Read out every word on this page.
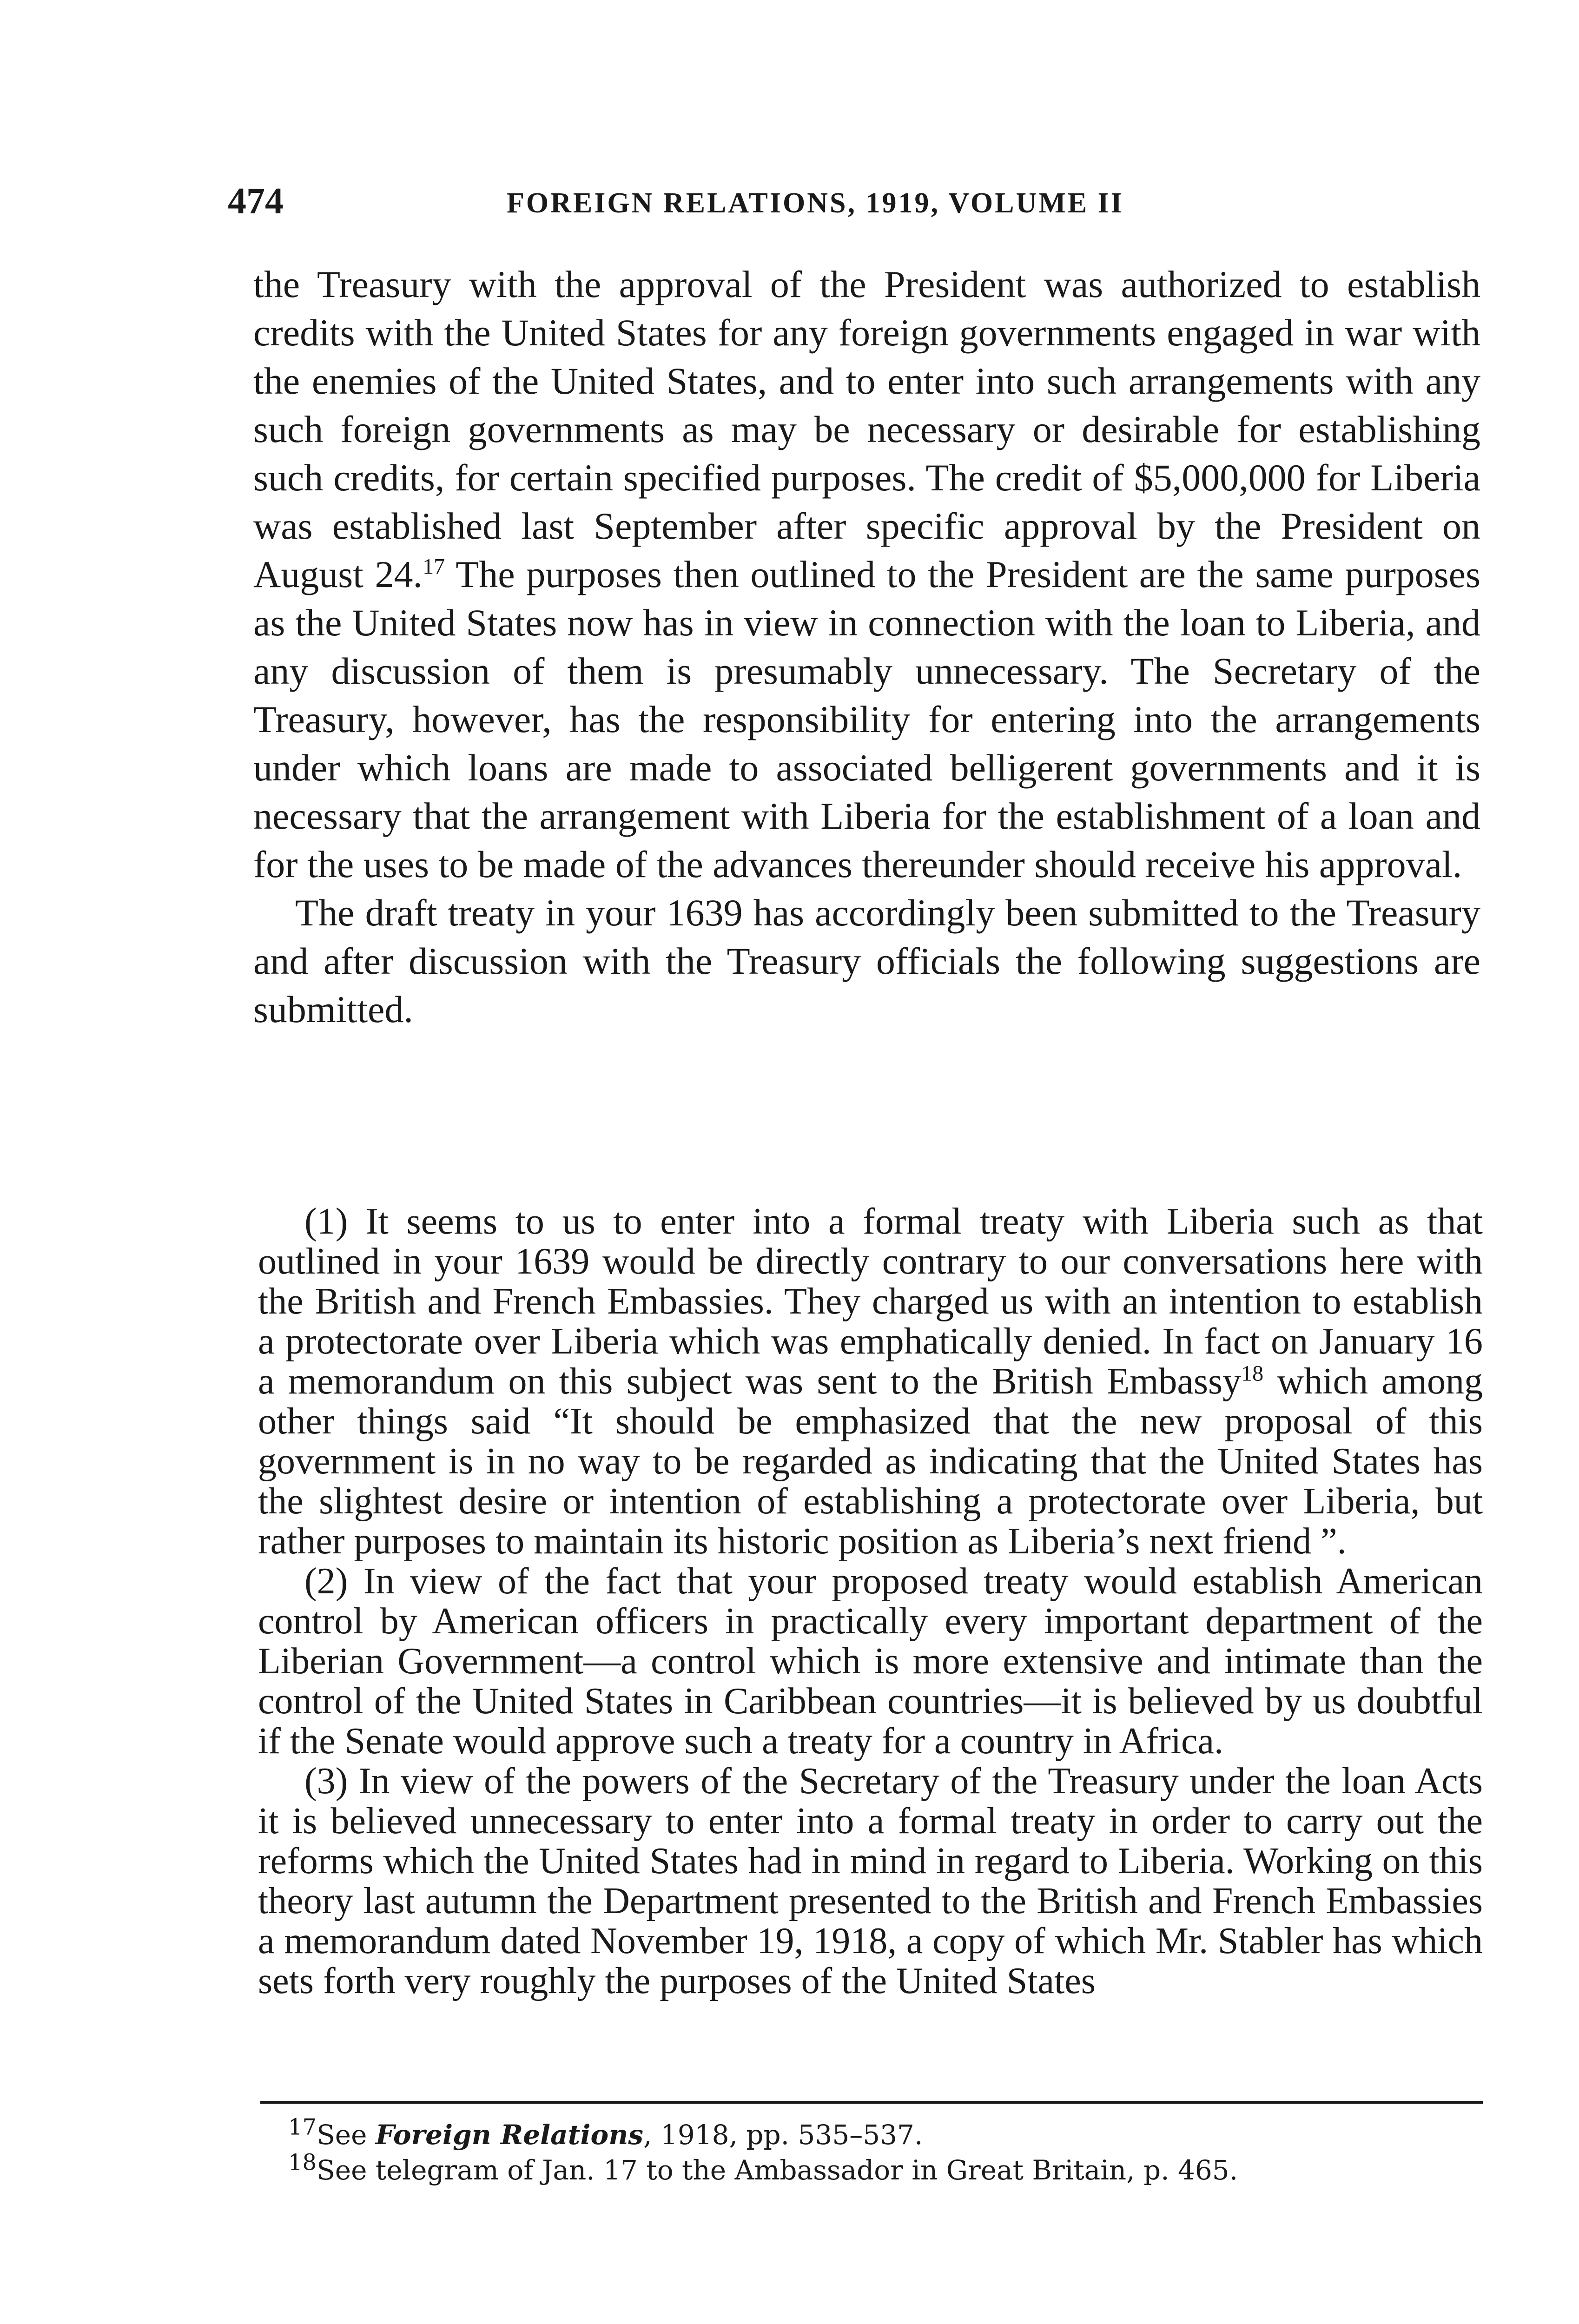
474	FOREIGN RELATIONS, 1919, VOLUME II

the Treasury with the approval of the President was authorized to establish credits with the United States for any foreign governments engaged in war with the enemies of the United States, and to enter into such arrangements with any such foreign governments as may be necessary or desirable for establishing such credits, for certain specified purposes. The credit of $5,000,000 for Liberia was established last September after specific approval by the President on August 24.17 The purposes then outlined to the President are the same purposes as the United States now has in view in connection with the loan to Liberia, and any discussion of them is presumably unnecessary. The Secretary of the Treasury, however, has the responsibility for entering into the arrangements under which loans are made to associated belligerent governments and it is necessary that the arrangement with Liberia for the establishment of a loan and for the uses to be made of the advances thereunder should receive his approval.

The draft treaty in your 1639 has accordingly been submitted to the Treasury and after discussion with the Treasury officials the following suggestions are submitted.

(1) It seems to us to enter into a formal treaty with Liberia such as that outlined in your 1639 would be directly contrary to our conversations here with the British and French Embassies. They charged us with an intention to establish a protectorate over Liberia which was emphatically denied. In fact on January 16 a memorandum on this subject was sent to the British Embassy$^{18}$ which among other things said “It should be emphasized that the new proposal of this government is in no way to be regarded as indicating that the United States has the slightest desire or intention of establishing a protectorate over Liberia, but rather purposes to maintain its historic position as Liberia’s next friend ”.

(2) In view of the fact that your proposed treaty would establish American control by American officers in practically every important department of the Liberian Government—a control which is more extensive and intimate than the control of the United States in Caribbean countries—it is believed by us doubtful if the Senate would approve such a treaty for a country in Africa.

(3) In view of the powers of the Secretary of the Treasury under the loan Acts it is believed unnecessary to enter into a formal treaty in order to carry out the reforms which the United States had in mind in regard to Liberia. Working on this theory last autumn the Department presented to the British and French Embassies a memorandum dated November 19, 1918, a copy of which Mr. Stabler has which sets forth very roughly the purposes of the United States

$^{17}$See Foreign Relations, 1918, pp. 535–537.

$^{18}$See telegram of Jan. 17 to the Ambassador in Great Britain, p. 465.
